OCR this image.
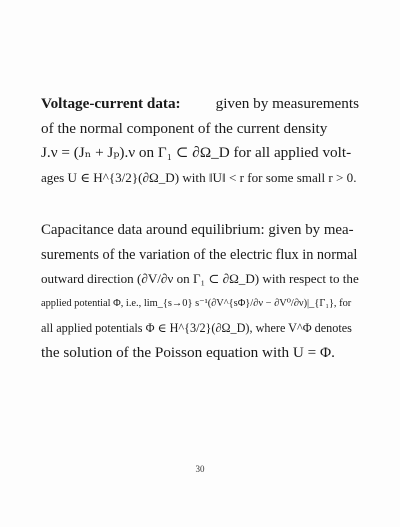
Voltage-current data: given by measurements
of the normal component of the current density
J.ν = (Jₙ + Jₚ).ν on Γ₁ ⊂ ∂Ω_D for all applied volt-
ages U ∈ H^{3/2}(∂Ω_D) with ‖U‖ < r for some small r > 0.
Capacitance data around equilibrium: given by mea-
surements of the variation of the electric flux in normal
outward direction (∂V/∂ν on Γ₁ ⊂ ∂Ω_D) with respect to the
applied potential Φ, i.e., lim_{s→0} s⁻¹(∂V^{sΦ}/∂ν − ∂V⁰/∂ν)|_{Γ₁}, for
all applied potentials Φ ∈ H^{3/2}(∂Ω_D), where V^Φ denotes
the solution of the Poisson equation with U = Φ.
30
